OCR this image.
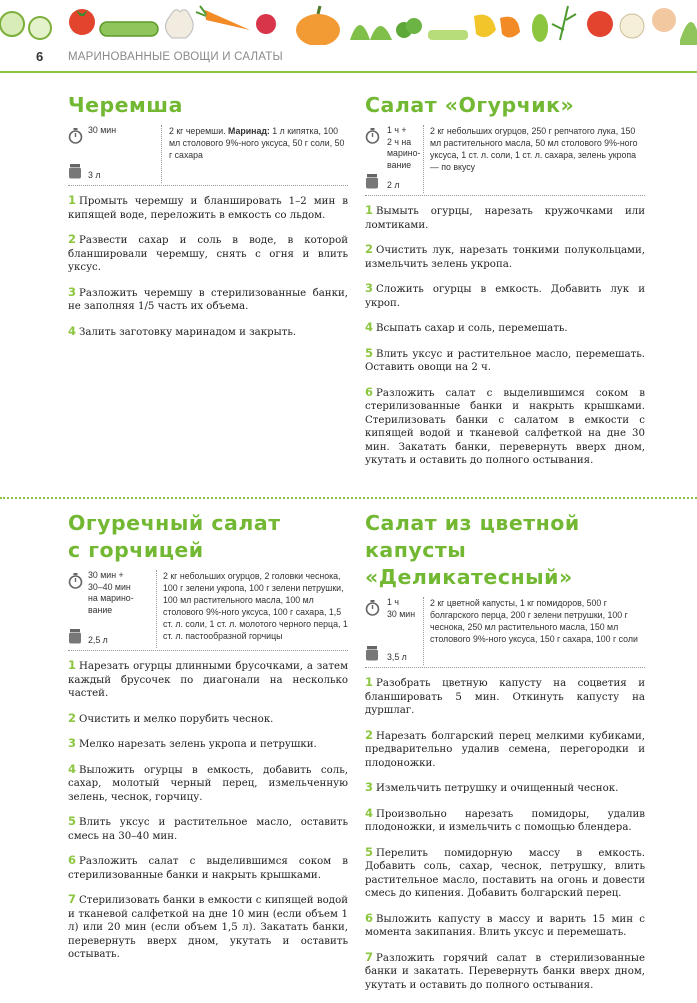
6 МАРИНОВАННЫЕ ОВОЩИ И САЛАТЫ
Черемша
30 мин
3 л
2 кг черемши. Маринад: 1 л кипятка, 100 мл столового 9%-ного уксуса, 50 г соли, 50 г сахара
1 Промыть черемшу и бланшировать 1–2 мин в кипящей воде, переложить в емкость со льдом.
2 Развести сахар и соль в воде, в которой бланшировали черемшу, снять с огня и влить уксус.
3 Разложить черемшу в стерилизованные банки, не заполняя 1/5 часть их объема.
4 Залить заготовку маринадом и закрыть.
Салат «Огурчик»
1 ч +
2 ч на
марино-
вание
2 л
2 кг небольших огурцов, 250 г репчатого лука, 150 мл растительного масла, 50 мл столового 9%-ного уксуса, 1 ст. л. соли, 1 ст. л. сахара, зелень укропа — по вкусу
1 Вымыть огурцы, нарезать кружочками или ломтиками.
2 Очистить лук, нарезать тонкими полукольцами, измельчить зелень укропа.
3 Сложить огурцы в емкость. Добавить лук и укроп.
4 Всыпать сахар и соль, перемешать.
5 Влить уксус и растительное масло, перемешать. Оставить овощи на 2 ч.
6 Разложить салат с выделившимся соком в стерилизованные банки и накрыть крышками. Стерилизовать банки с салатом в емкости с кипящей водой и тканевой салфеткой на дне 30 мин. Закатать банки, перевернуть вверх дном, укутать и оставить до полного остывания.
Огуречный салат
с горчицей
30 мин +
30–40 мин
на марино-
вание
2,5 л
2 кг небольших огурцов, 2 головки чеснока, 100 г зелени укропа, 100 г зелени петрушки, 100 мл растительного масла, 100 мл столового 9%-ного уксуса, 100 г сахара, 1,5 ст. л. соли, 1 ст. л. молотого черного перца, 1 ст. л. пастообразной горчицы
1 Нарезать огурцы длинными брусочками, а затем каждый брусочек по диагонали на несколько частей.
2 Очистить и мелко порубить чеснок.
3 Мелко нарезать зелень укропа и петрушки.
4 Выложить огурцы в емкость, добавить соль, сахар, молотый черный перец, измельченную зелень, чеснок, горчицу.
5 Влить уксус и растительное масло, оставить смесь на 30–40 мин.
6 Разложить салат с выделившимся соком в стерилизованные банки и накрыть крышками.
7 Стерилизовать банки в емкости с кипящей водой и тканевой салфеткой на дне 10 мин (если объем 1 л) или 20 мин (если объем 1,5 л). Закатать банки, перевернуть вверх дном, укутать и оставить остывать.
Салат из цветной
капусты «Деликатесный»
1 ч
30 мин
3,5 л
2 кг цветной капусты, 1 кг помидоров, 500 г болгарского перца, 200 г зелени петрушки, 100 г чеснока, 250 мл растительного масла, 150 мл столового 9%-ного уксуса, 150 г сахара, 100 г соли
1 Разобрать цветную капусту на соцветия и бланшировать 5 мин. Откинуть капусту на дуршлаг.
2 Нарезать болгарский перец мелкими кубиками, предварительно удалив семена, перегородки и плодоножки.
3 Измельчить петрушку и очищенный чеснок.
4 Произвольно нарезать помидоры, удалив плодоножки, и измельчить с помощью блендера.
5 Перелить помидорную массу в емкость. Добавить соль, сахар, чеснок, петрушку, влить растительное масло, поставить на огонь и довести смесь до кипения. Добавить болгарский перец.
6 Выложить капусту в массу и варить 15 мин с момента закипания. Влить уксус и перемешать.
7 Разложить горячий салат в стерилизованные банки и закатать. Перевернуть банки вверх дном, укутать и оставить до полного остывания.
